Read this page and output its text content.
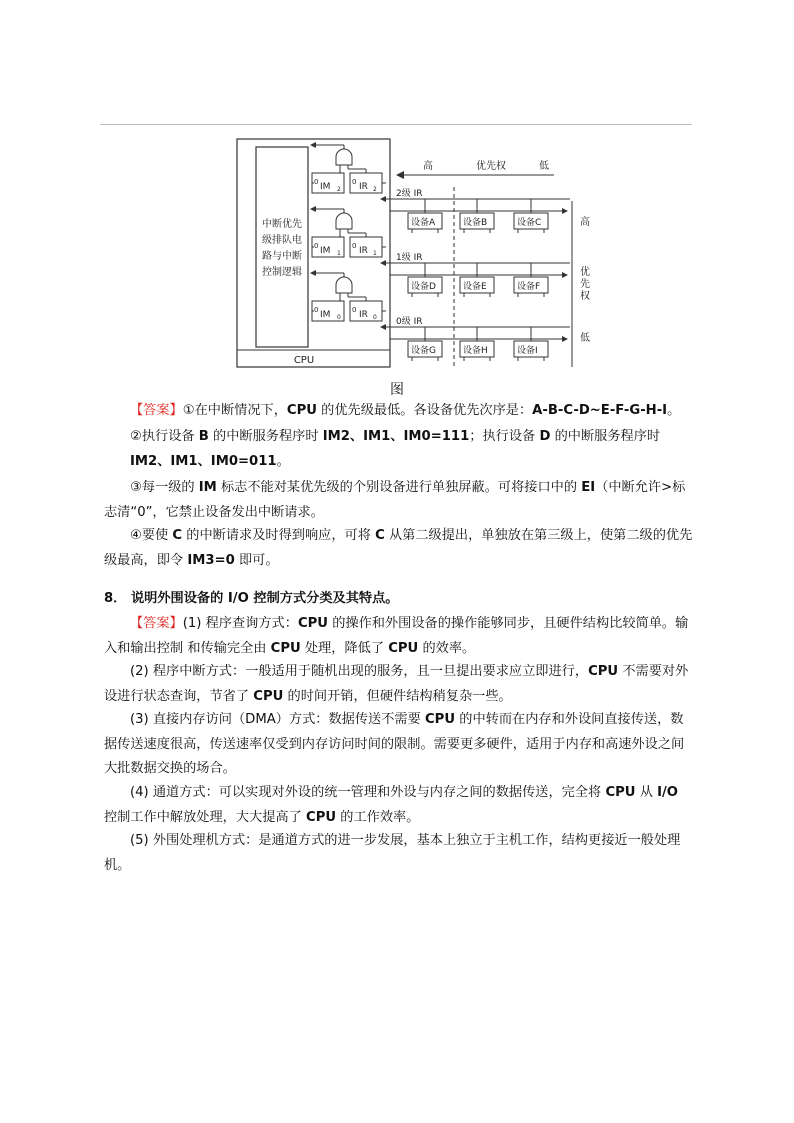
CPU
中断优先
级排队电
路与中断
控制逻辑
0 IM 2
0 IR 2 2级 IR
设备A	设备B	设备C
0 IM 1
0 IR 1 1级 IR
设备D	设备E	设备F
0 IM 0
0 IR 0 0级 IR
设备G	设备H	设备I
高	优先权	低
高
优
先
权
低
图
【答案】①在中断情况下，CPU 的优先级最低。各设备优先次序是：A-B-C-D~E-F-G-H-I。
②执行设备 B 的中断服务程序时 IM2、IM1、IM0=111；执行设备 D 的中断服务程序时
IM2、IM1、IM0=011。
③每一级的 IM 标志不能对某优先级的个别设备进行单独屏蔽。可将接口中的 EI（中断允许>标志清“0”，它禁止设备发出中断请求。
④要使 C 的中断请求及时得到响应，可将 C 从第二级提出，单独放在第三级上，使第二级的优先级最高，即令 IM3=0 即可。
8． 说明外围设备的 I/O 控制方式分类及其特点。
【答案】(1) 程序查询方式：CPU 的操作和外围设备的操作能够同步，且硬件结构比较简单。输入和输出控制 和传输完全由 CPU 处理，降低了 CPU 的效率。
(2) 程序中断方式：一般适用于随机出现的服务，且一旦提出要求应立即进行，CPU 不需要对外设进行状态查询，节省了 CPU 的时间开销，但硬件结构稍复杂一些。
(3) 直接内存访问（DMA）方式：数据传送不需要 CPU 的中转而在内存和外设间直接传送，数据传送速度很高，传送速率仅受到内存访问时间的限制。需要更多硬件，适用于内存和高速外设之间大批数据交换的场合。
(4) 通道方式：可以实现对外设的统一管理和外设与内存之间的数据传送，完全将 CPU 从 I/O 控制工作中解放处理，大大提高了 CPU 的工作效率。
(5) 外围处理机方式：是通道方式的进一步发展，基本上独立于主机工作，结构更接近一般处理机。
